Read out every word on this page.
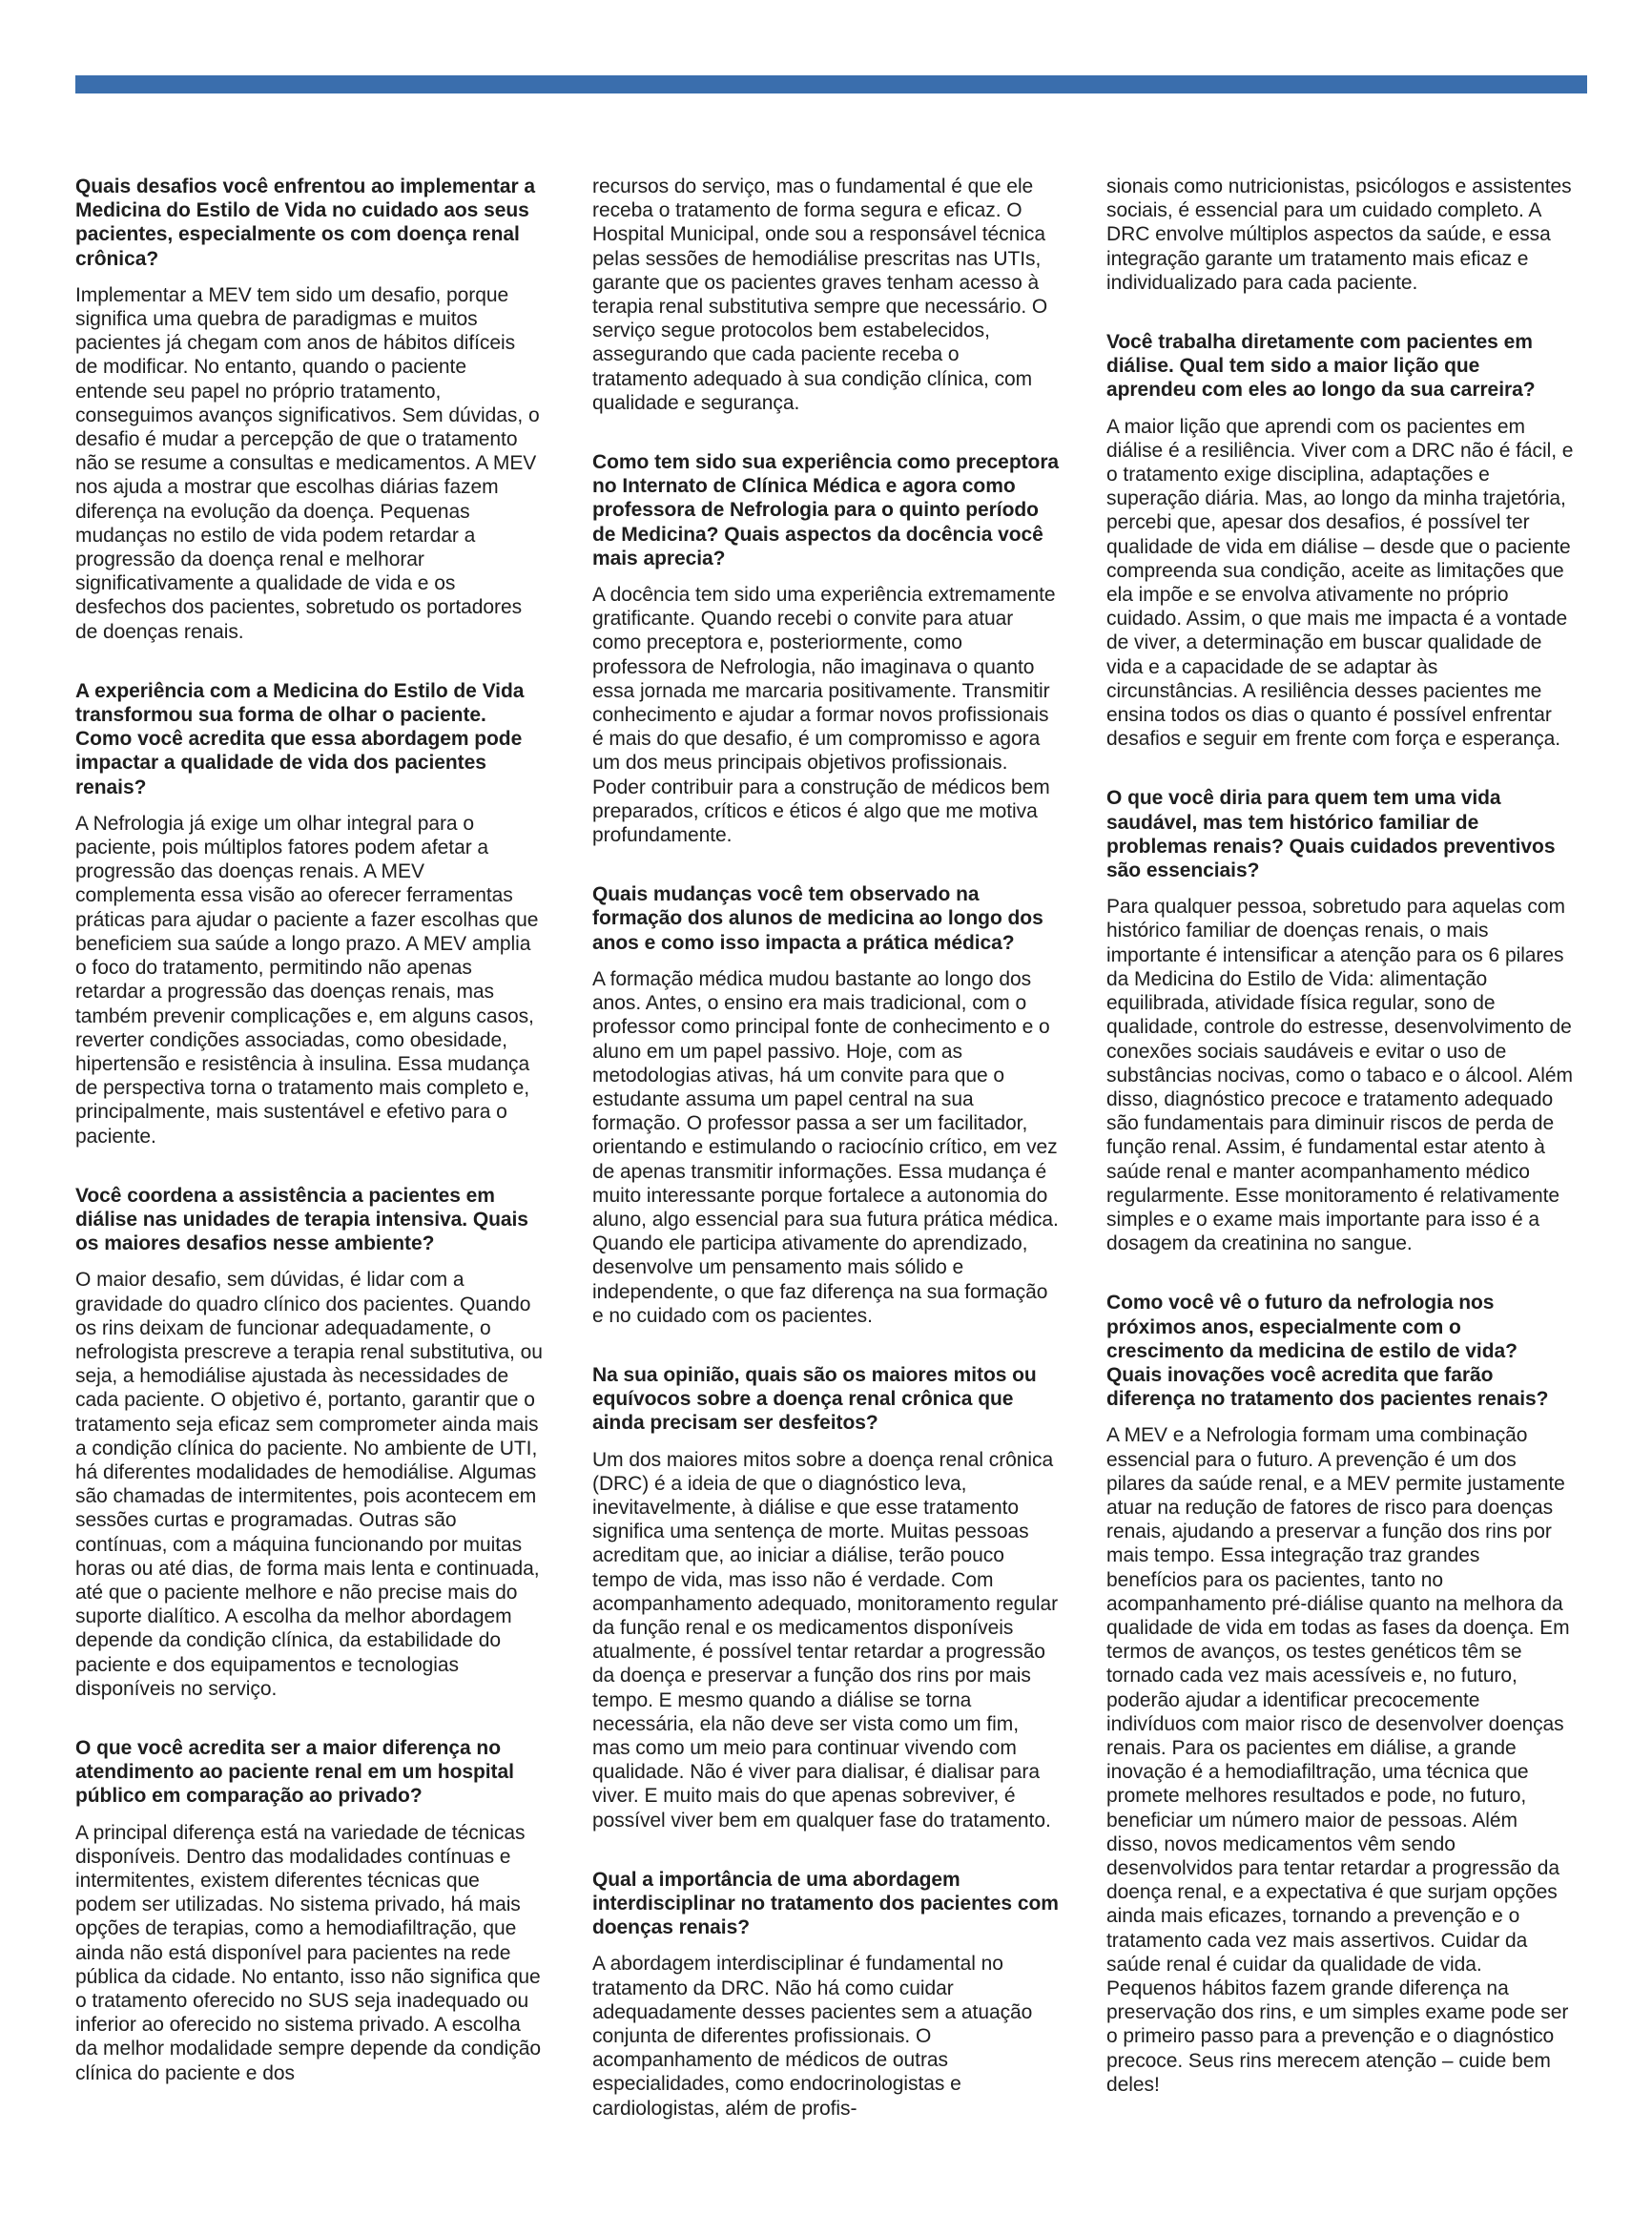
Quais desafios você enfrentou ao implementar a Medicina do Estilo de Vida no cuidado aos seus pacientes, especialmente os com doença renal crônica?

Implementar a MEV tem sido um desafio, porque significa uma quebra de paradigmas e muitos pacientes já chegam com anos de hábitos difíceis de modificar. No entanto, quando o paciente entende seu papel no próprio tratamento, conseguimos avanços significativos. Sem dúvidas, o desafio é mudar a percepção de que o tratamento não se resume a consultas e medicamentos. A MEV nos ajuda a mostrar que escolhas diárias fazem diferença na evolução da doença. Pequenas mudanças no estilo de vida podem retardar a progressão da doença renal e melhorar significativamente a qualidade de vida e os desfechos dos pacientes, sobretudo os portadores de doenças renais.

A experiência com a Medicina do Estilo de Vida transformou sua forma de olhar o paciente. Como você acredita que essa abordagem pode impactar a qualidade de vida dos pacientes renais?

A Nefrologia já exige um olhar integral para o paciente, pois múltiplos fatores podem afetar a progressão das doenças renais. A MEV complementa essa visão ao oferecer ferramentas práticas para ajudar o paciente a fazer escolhas que beneficiem sua saúde a longo prazo. A MEV amplia o foco do tratamento, permitindo não apenas retardar a progressão das doenças renais, mas também prevenir complicações e, em alguns casos, reverter condições associadas, como obesidade, hipertensão e resistência à insulina. Essa mudança de perspectiva torna o tratamento mais completo e, principalmente, mais sustentável e efetivo para o paciente.

Você coordena a assistência a pacientes em diálise nas unidades de terapia intensiva. Quais os maiores desafios nesse ambiente?

O maior desafio, sem dúvidas, é lidar com a gravidade do quadro clínico dos pacientes. Quando os rins deixam de funcionar adequadamente, o nefrologista prescreve a terapia renal substitutiva, ou seja, a hemodiálise ajustada às necessidades de cada paciente. O objetivo é, portanto, garantir que o tratamento seja eficaz sem comprometer ainda mais a condição clínica do paciente. No ambiente de UTI, há diferentes modalidades de hemodiálise. Algumas são chamadas de intermitentes, pois acontecem em sessões curtas e programadas. Outras são contínuas, com a máquina funcionando por muitas horas ou até dias, de forma mais lenta e continuada, até que o paciente melhore e não precise mais do suporte dialítico. A escolha da melhor abordagem depende da condição clínica, da estabilidade do paciente e dos equipamentos e tecnologias disponíveis no serviço.

O que você acredita ser a maior diferença no atendimento ao paciente renal em um hospital público em comparação ao privado?

A principal diferença está na variedade de técnicas disponíveis. Dentro das modalidades contínuas e intermitentes, existem diferentes técnicas que podem ser utilizadas. No sistema privado, há mais opções de terapias, como a hemodiafiltração, que ainda não está disponível para pacientes na rede pública da cidade. No entanto, isso não significa que o tratamento oferecido no SUS seja inadequado ou inferior ao oferecido no sistema privado. A escolha da melhor modalidade sempre depende da condição clínica do paciente e dos

recursos do serviço, mas o fundamental é que ele receba o tratamento de forma segura e eficaz. O Hospital Municipal, onde sou a responsável técnica pelas sessões de hemodiálise prescritas nas UTIs, garante que os pacientes graves tenham acesso à terapia renal substitutiva sempre que necessário. O serviço segue protocolos bem estabelecidos, assegurando que cada paciente receba o tratamento adequado à sua condição clínica, com qualidade e segurança.

Como tem sido sua experiência como preceptora no Internato de Clínica Médica e agora como professora de Nefrologia para o quinto período de Medicina? Quais aspectos da docência você mais aprecia?

A docência tem sido uma experiência extremamente gratificante. Quando recebi o convite para atuar como preceptora e, posteriormente, como professora de Nefrologia, não imaginava o quanto essa jornada me marcaria positivamente. Transmitir conhecimento e ajudar a formar novos profissionais é mais do que desafio, é um compromisso e agora um dos meus principais objetivos profissionais. Poder contribuir para a construção de médicos bem preparados, críticos e éticos é algo que me motiva profundamente.

Quais mudanças você tem observado na formação dos alunos de medicina ao longo dos anos e como isso impacta a prática médica?

A formação médica mudou bastante ao longo dos anos. Antes, o ensino era mais tradicional, com o professor como principal fonte de conhecimento e o aluno em um papel passivo. Hoje, com as metodologias ativas, há um convite para que o estudante assuma um papel central na sua formação. O professor passa a ser um facilitador, orientando e estimulando o raciocínio crítico, em vez de apenas transmitir informações. Essa mudança é muito interessante porque fortalece a autonomia do aluno, algo essencial para sua futura prática médica. Quando ele participa ativamente do aprendizado, desenvolve um pensamento mais sólido e independente, o que faz diferença na sua formação e no cuidado com os pacientes.

Na sua opinião, quais são os maiores mitos ou equívocos sobre a doença renal crônica que ainda precisam ser desfeitos?

Um dos maiores mitos sobre a doença renal crônica (DRC) é a ideia de que o diagnóstico leva, inevitavelmente, à diálise e que esse tratamento significa uma sentença de morte. Muitas pessoas acreditam que, ao iniciar a diálise, terão pouco tempo de vida, mas isso não é verdade. Com acompanhamento adequado, monitoramento regular da função renal e os medicamentos disponíveis atualmente, é possível tentar retardar a progressão da doença e preservar a função dos rins por mais tempo. E mesmo quando a diálise se torna necessária, ela não deve ser vista como um fim, mas como um meio para continuar vivendo com qualidade. Não é viver para dialisar, é dialisar para viver. E muito mais do que apenas sobreviver, é possível viver bem em qualquer fase do tratamento.

Qual a importância de uma abordagem interdisciplinar no tratamento dos pacientes com doenças renais?

A abordagem interdisciplinar é fundamental no tratamento da DRC. Não há como cuidar adequadamente desses pacientes sem a atuação conjunta de diferentes profissionais. O acompanhamento de médicos de outras especialidades, como endocrinologistas e cardiologistas, além de profis-

sionais como nutricionistas, psicólogos e assistentes sociais, é essencial para um cuidado completo. A DRC envolve múltiplos aspectos da saúde, e essa integração garante um tratamento mais eficaz e individualizado para cada paciente.

Você trabalha diretamente com pacientes em diálise. Qual tem sido a maior lição que aprendeu com eles ao longo da sua carreira?

A maior lição que aprendi com os pacientes em diálise é a resiliência. Viver com a DRC não é fácil, e o tratamento exige disciplina, adaptações e superação diária. Mas, ao longo da minha trajetória, percebi que, apesar dos desafios, é possível ter qualidade de vida em diálise – desde que o paciente compreenda sua condição, aceite as limitações que ela impõe e se envolva ativamente no próprio cuidado. Assim, o que mais me impacta é a vontade de viver, a determinação em buscar qualidade de vida e a capacidade de se adaptar às circunstâncias. A resiliência desses pacientes me ensina todos os dias o quanto é possível enfrentar desafios e seguir em frente com força e esperança.

O que você diria para quem tem uma vida saudável, mas tem histórico familiar de problemas renais? Quais cuidados preventivos são essenciais?

Para qualquer pessoa, sobretudo para aquelas com histórico familiar de doenças renais, o mais importante é intensificar a atenção para os 6 pilares da Medicina do Estilo de Vida: alimentação equilibrada, atividade física regular, sono de qualidade, controle do estresse, desenvolvimento de conexões sociais saudáveis e evitar o uso de substâncias nocivas, como o tabaco e o álcool. Além disso, diagnóstico precoce e tratamento adequado são fundamentais para diminuir riscos de perda de função renal. Assim, é fundamental estar atento à saúde renal e manter acompanhamento médico regularmente. Esse monitoramento é relativamente simples e o exame mais importante para isso é a dosagem da creatinina no sangue.

Como você vê o futuro da nefrologia nos próximos anos, especialmente com o crescimento da medicina de estilo de vida? Quais inovações você acredita que farão diferença no tratamento dos pacientes renais?

A MEV e a Nefrologia formam uma combinação essencial para o futuro. A prevenção é um dos pilares da saúde renal, e a MEV permite justamente atuar na redução de fatores de risco para doenças renais, ajudando a preservar a função dos rins por mais tempo. Essa integração traz grandes benefícios para os pacientes, tanto no acompanhamento pré-diálise quanto na melhora da qualidade de vida em todas as fases da doença. Em termos de avanços, os testes genéticos têm se tornado cada vez mais acessíveis e, no futuro, poderão ajudar a identificar precocemente indivíduos com maior risco de desenvolver doenças renais. Para os pacientes em diálise, a grande inovação é a hemodiafiltração, uma técnica que promete melhores resultados e pode, no futuro, beneficiar um número maior de pessoas. Além disso, novos medicamentos vêm sendo desenvolvidos para tentar retardar a progressão da doença renal, e a expectativa é que surjam opções ainda mais eficazes, tornando a prevenção e o tratamento cada vez mais assertivos. Cuidar da saúde renal é cuidar da qualidade de vida. Pequenos hábitos fazem grande diferença na preservação dos rins, e um simples exame pode ser o primeiro passo para a prevenção e o diagnóstico precoce. Seus rins merecem atenção – cuide bem deles!
